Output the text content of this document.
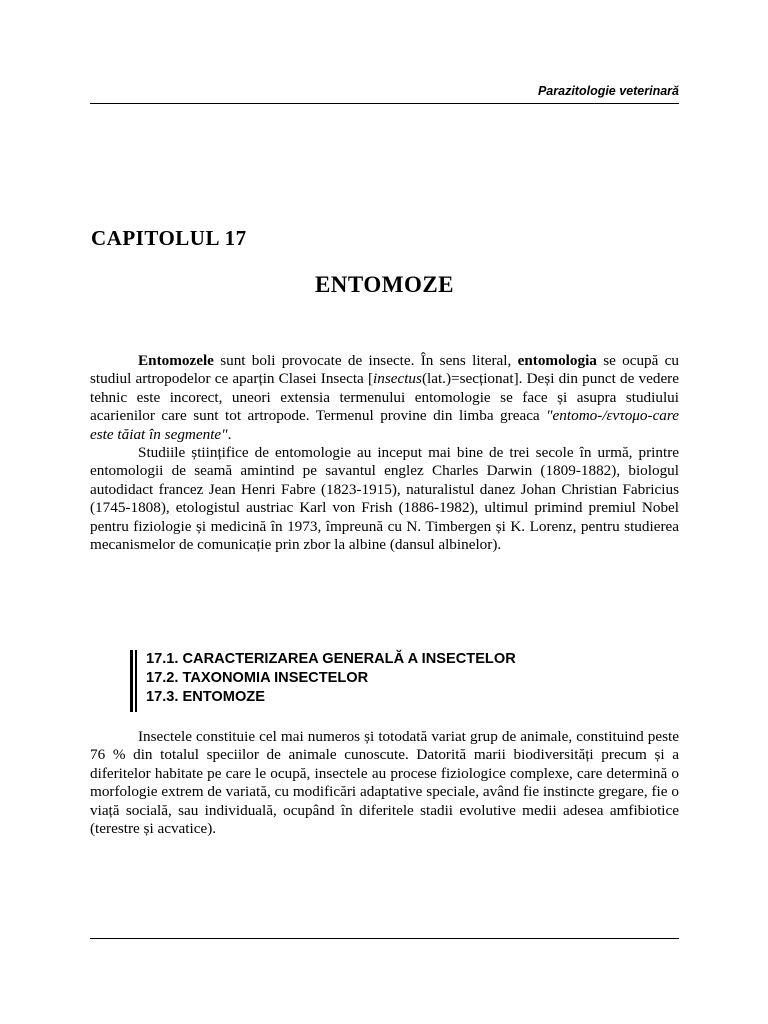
Parazitologie veterinară
CAPITOLUL 17
ENTOMOZE

Entomozele sunt boli provocate de insecte. În sens literal, entomologia se ocupă cu studiul artropodelor ce aparțin Clasei Insecta [insectus(lat.)=secționat]. Deși din punct de vedere tehnic este incorect, uneori extensia termenului entomologie se face și asupra studiului acarienilor care sunt tot artropode. Termenul provine din limba greaca "entomo-/εντομο-care este tăiat în segmente".

Studiile științifice de entomologie au inceput mai bine de trei secole în urmă, printre entomologii de seamă amintind pe savantul englez Charles Darwin (1809-1882), biologul autodidact francez Jean Henri Fabre (1823-1915), naturalistul danez Johan Christian Fabricius (1745-1808), etologistul austriac Karl von Frish (1886-1982), ultimul primind premiul Nobel pentru fiziologie și medicină în 1973, împreună cu N. Timbergen și K. Lorenz, pentru studierea mecanismelor de comunicație prin zbor la albine (dansul albinelor).

17.1. CARACTERIZAREA GENERALĂ A INSECTELOR
17.2. TAXONOMIA INSECTELOR
17.3. ENTOMOZE

Insectele constituie cel mai numeros și totodată variat grup de animale, constituind peste 76 % din totalul speciilor de animale cunoscute. Datorită marii biodiversități precum și a diferitelor habitate pe care le ocupă, insectele au procese fiziologice complexe, care determină o morfologie extrem de variată, cu modificări adaptative speciale, având fie instincte gregare, fie o viață socială, sau individuală, ocupând în diferitele stadii evolutive medii adesea amfibiotice (terestre și acvatice).
